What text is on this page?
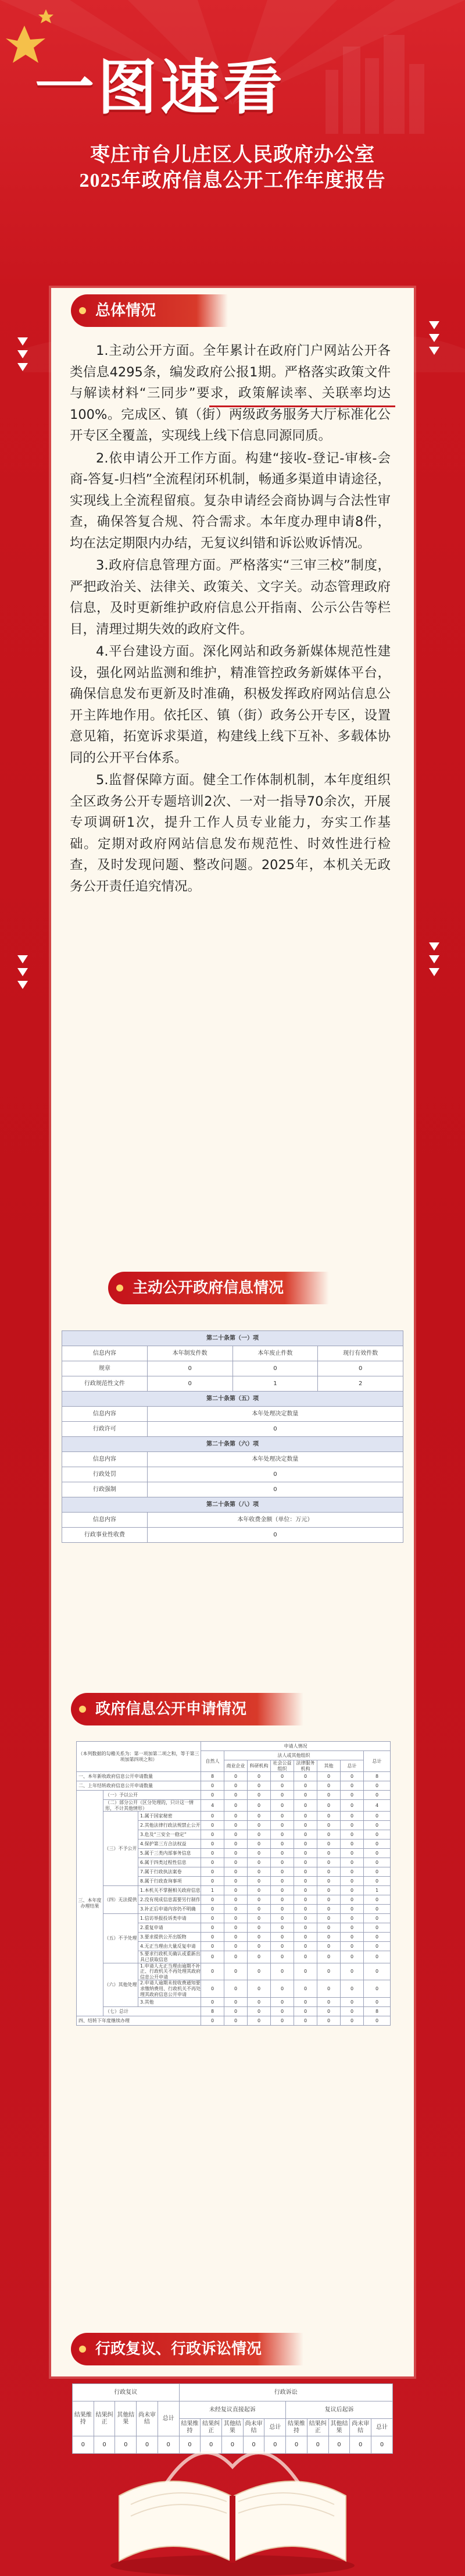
一图速看
枣庄市台儿庄区人民政府办公室
2025年政府信息公开工作年度报告
总体情况

1.主动公开方面。全年累计在政府门户网站公开各类信息4295条，编发政府公报1期。严格落实政策文件与解读材料“三同步”要求，政策解读率、关联率均达100%。完成区、镇（街）两级政务服务大厅标准化公开专区全覆盖，实现线上线下信息同源同质。

2.依申请公开工作方面。构建“接收-登记-审核-会商-答复-归档”全流程闭环机制，畅通多渠道申请途径，实现线上全流程留痕。复杂申请经会商协调与合法性审查，确保答复合规、符合需求。本年度办理申请8件，均在法定期限内办结，无复议纠错和诉讼败诉情况。

3.政府信息管理方面。严格落实“三审三校”制度，严把政治关、法律关、政策关、文字关。动态管理政府信息，及时更新维护政府信息公开指南、公示公告等栏目，清理过期失效的政府文件。

4.平台建设方面。深化网站和政务新媒体规范性建设，强化网站监测和维护，精准管控政务新媒体平台，确保信息发布更新及时准确，积极发挥政府网站信息公开主阵地作用。依托区、镇（街）政务公开专区，设置意见箱，拓宽诉求渠道，构建线上线下互补、多载体协同的公开平台体系。

5.监督保障方面。健全工作体制机制，本年度组织全区政务公开专题培训2次、一对一指导70余次，开展专项调研1次，提升工作人员专业能力，夯实工作基础。定期对政府网站信息发布规范性、时效性进行检查，及时发现问题、整改问题。2025年，本机关无政务公开责任追究情况。

主动公开政府信息情况
第二十条第（一）项			
信息内容	本年制发件数	本年废止件数	现行有效件数
规章	0	0	0
行政规范性文件	0	1	2
第二十条第（五）项			
信息内容	本年处理决定数量		
行政许可	0		
第二十条第（六）项			
信息内容	本年处理决定数量		
行政处罚	0		
行政强制	0		
第二十条第（八）项			
信息内容	本年收费金额（单位：万元）		
行政事业性收费	0		
政府信息公开申请情况
（本列数据的勾稽关系为：第一项加第二项之和，等于第三项加第四项之和）			申请人情况							
			自然人	法人或其他组织						总计
				商业企业	科研机构	社会公益组织	法律服务机构	其他	总计	
一、本年新收政府信息公开申请数量			8	0	0	0	0	0	0	8
二、上年结转政府信息公开申请数量			0	0	0	0	0	0	0	0
三、本年度办理结果	（一）予以公开		0	0	0	0	0	0	0	0
	（二）部分公开（区分处理的，只计这一情形，不计其他情形）		4	0	0	0	0	0	0	4
	（三）不予公开	1.属于国家秘密	0	0	0	0	0	0	0	0
		2.其他法律行政法规禁止公开	0	0	0	0	0	0	0	0
		3.危及“三安全一稳定”	0	0	0	0	0	0	0	0
		4.保护第三方合法权益	0	0	0	0	0	0	0	0
		5.属于三类内部事务信息	0	0	0	0	0	0	0	0
		6.属于四类过程性信息	0	0	0	0	0	0	0	0
		7.属于行政执法案卷	0	0	0	0	0	0	0	0
		8.属于行政查询事项	0	0	0	0	0	0	0	0
	（四）无法提供	1.本机关不掌握相关政府信息	1	0	0	0	0	0	0	1
		2.没有现成信息需要另行制作	0	0	0	0	0	0	0	0
		3.补正后申请内容仍不明确	0	0	0	0	0	0	0	0
	（五）不予处理	1.信访举报投诉类申请	0	0	0	0	0	0	0	0
		2.重复申请	0	0	0	0	0	0	0	0
		3.要求提供公开出版物	0	0	0	0	0	0	0	0
		4.无正当理由大量反复申请	0	0	0	0	0	0	0	0
		5.要求行政机关确认或重新出具已获取信息	0	0	0	0	0	0	0	0
	（六）其他处理	1.申请人无正当理由逾期不补正、行政机关不再处理其政府信息公开申请	0	0	0	0	0	0	0	0
		2.申请人逾期未按收费通知要求缴纳费用、行政机关不再处理其政府信息公开申请	0	0	0	0	0	0	0	0
		3.其他	0	0	0	0	0	0	0	0
	（七）总计		8	0	0	0	0	0	0	8
四、结转下年度继续办理			0	0	0	0	0	0	0	0
行政复议、行政诉讼情况
行政复议					行政诉讼									
结果维持	结果纠正	其他结果	尚未审结	总计	未经复议直接起诉					复议后起诉				
					结果维持	结果纠正	其他结果	尚未审结	总计	结果维持	结果纠正	其他结果	尚未审结	总计
0	0	0	0	0	0	0	0	0	0	0	0	0	0	0
